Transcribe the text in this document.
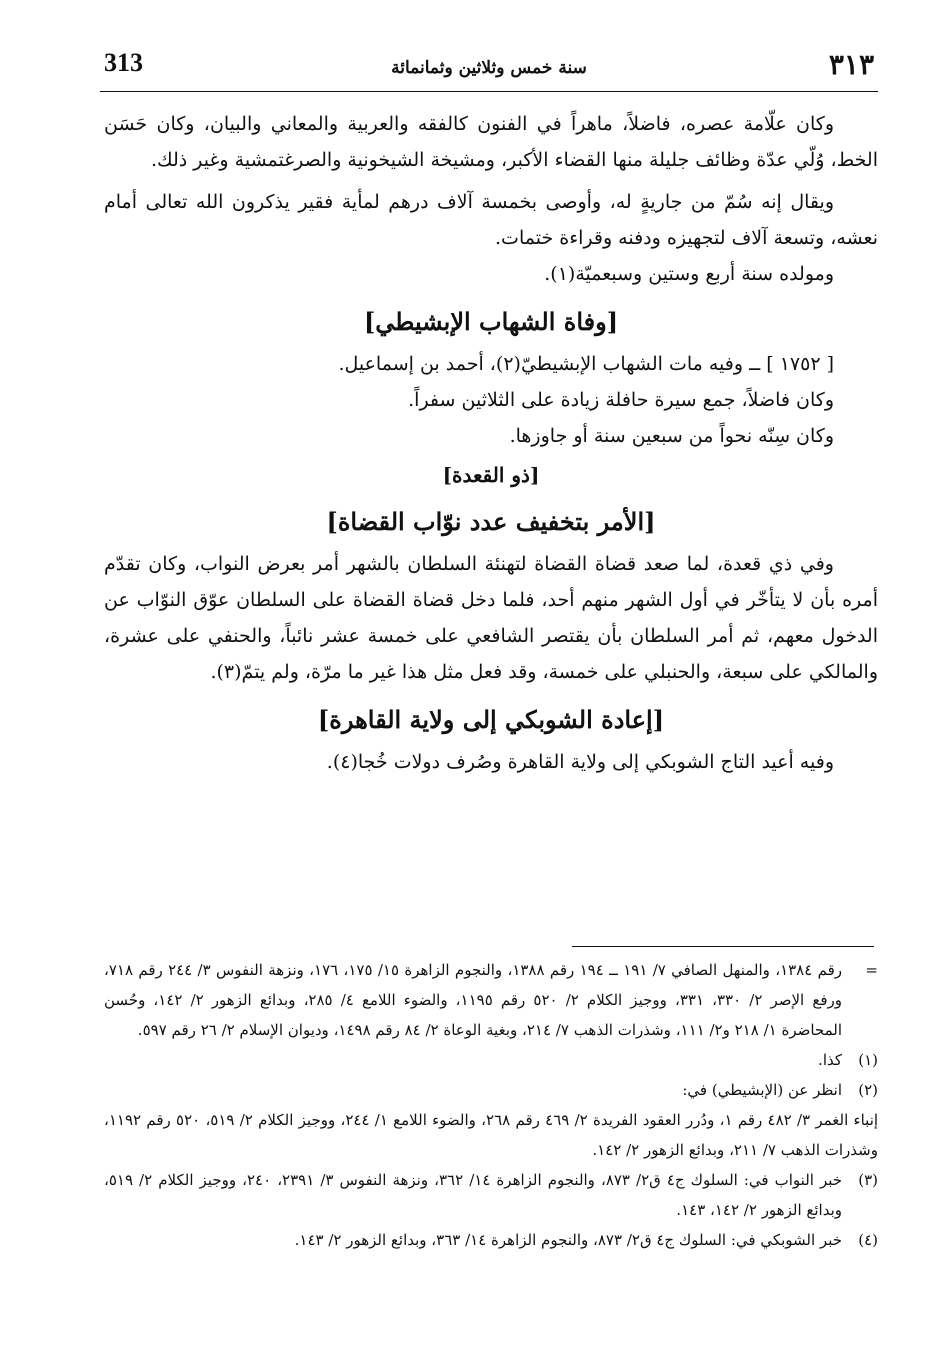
٣١٣
سنة خمس وثلاثين وثمانمائة
313

وكان علّامة عصره، فاضلاً، ماهراً في الفنون كالفقه والعربية والمعاني والبيان، وكان حَسَن الخط، وُلّي عدّة وظائف جليلة منها القضاء الأكبر، ومشيخة الشيخونية والصرغتمشية وغير ذلك.

ويقال إنه سُمّ من جاريةٍ له، وأوصى بخمسة آلاف درهم لمأية فقير يذكرون الله تعالى أمام نعشه، وتسعة آلاف لتجهيزه ودفنه وقراءة ختمات.

ومولده سنة أربع وستين وسبعميّة(١).

[وفاة الشهاب الإبشيطي]

[ ١٧٥٢ ] ــ وفيه مات الشهاب الإبشيطيّ(٢)، أحمد بن إسماعيل.

وكان فاضلاً، جمع سيرة حافلة زيادة على الثلاثين سفراً.

وكان سِنّه نحواً من سبعين سنة أو جاوزها.

[ذو القعدة]
[الأمر بتخفيف عدد نوّاب القضاة]

وفي ذي قعدة، لما صعد قضاة القضاة لتهنئة السلطان بالشهر أمر بعرض النواب، وكان تقدّم أمره بأن لا يتأخّر في أول الشهر منهم أحد، فلما دخل قضاة القضاة على السلطان عوّق النوّاب عن الدخول معهم، ثم أمر السلطان بأن يقتصر الشافعي على خمسة عشر نائباً، والحنفي على عشرة، والمالكي على سبعة، والحنبلي على خمسة، وقد فعل مثل هذا غير ما مرّة، ولم يتمّ(٣).

[إعادة الشوبكي إلى ولاية القاهرة]

وفيه أعيد التاج الشوبكي إلى ولاية القاهرة وصُرف دولات خُجا(٤).

=

رقم ١٣٨٤، والمنهل الصافي ٧/ ١٩١ ــ ١٩٤ رقم ١٣٨٨، والنجوم الزاهرة ١٥/ ١٧٥، ١٧٦، ونزهة النفوس ٣/ ٢٤٤ رقم ٧١٨، ورفع الإصر ٢/ ٣٣٠، ٣٣١، ووجيز الكلام ٢/ ٥٢٠ رقم ١١٩٥، والضوء اللامع ٤/ ٢٨٥، وبدائع الزهور ٢/ ١٤٢، وحُسن المحاضرة ١/ ٢١٨ و٢/ ١١١، وشذرات الذهب ٧/ ٢١٤، وبغية الوعاة ٢/ ٨٤ رقم ١٤٩٨، وديوان الإسلام ٢/ ٢٦ رقم ٥٩٧.

(١)

كذا.

(٢)

انظر عن (الإبشيطي) في:

إنباء الغمر ٣/ ٤٨٢ رقم ١، ودُرر العقود الفريدة ٢/ ٤٦٩ رقم ٢٦٨، والضوء اللامع ١/ ٢٤٤، ووجيز الكلام ٢/ ٥١٩، ٥٢٠ رقم ١١٩٢، وشذرات الذهب ٧/ ٢١١، وبدائع الزهور ٢/ ١٤٢.

(٣)

خبر النواب في: السلوك ج٤ ق٢/ ٨٧٣، والنجوم الزاهرة ١٤/ ٣٦٢، ونزهة النفوس ٣/ ٢٣٩١، ٢٤٠، ووجيز الكلام ٢/ ٥١٩، وبدائع الزهور ٢/ ١٤٢، ١٤٣.

(٤)

خبر الشوبكي في: السلوك ج٤ ق٢/ ٨٧٣، والنجوم الزاهرة ١٤/ ٣٦٣، وبدائع الزهور ٢/ ١٤٣.
